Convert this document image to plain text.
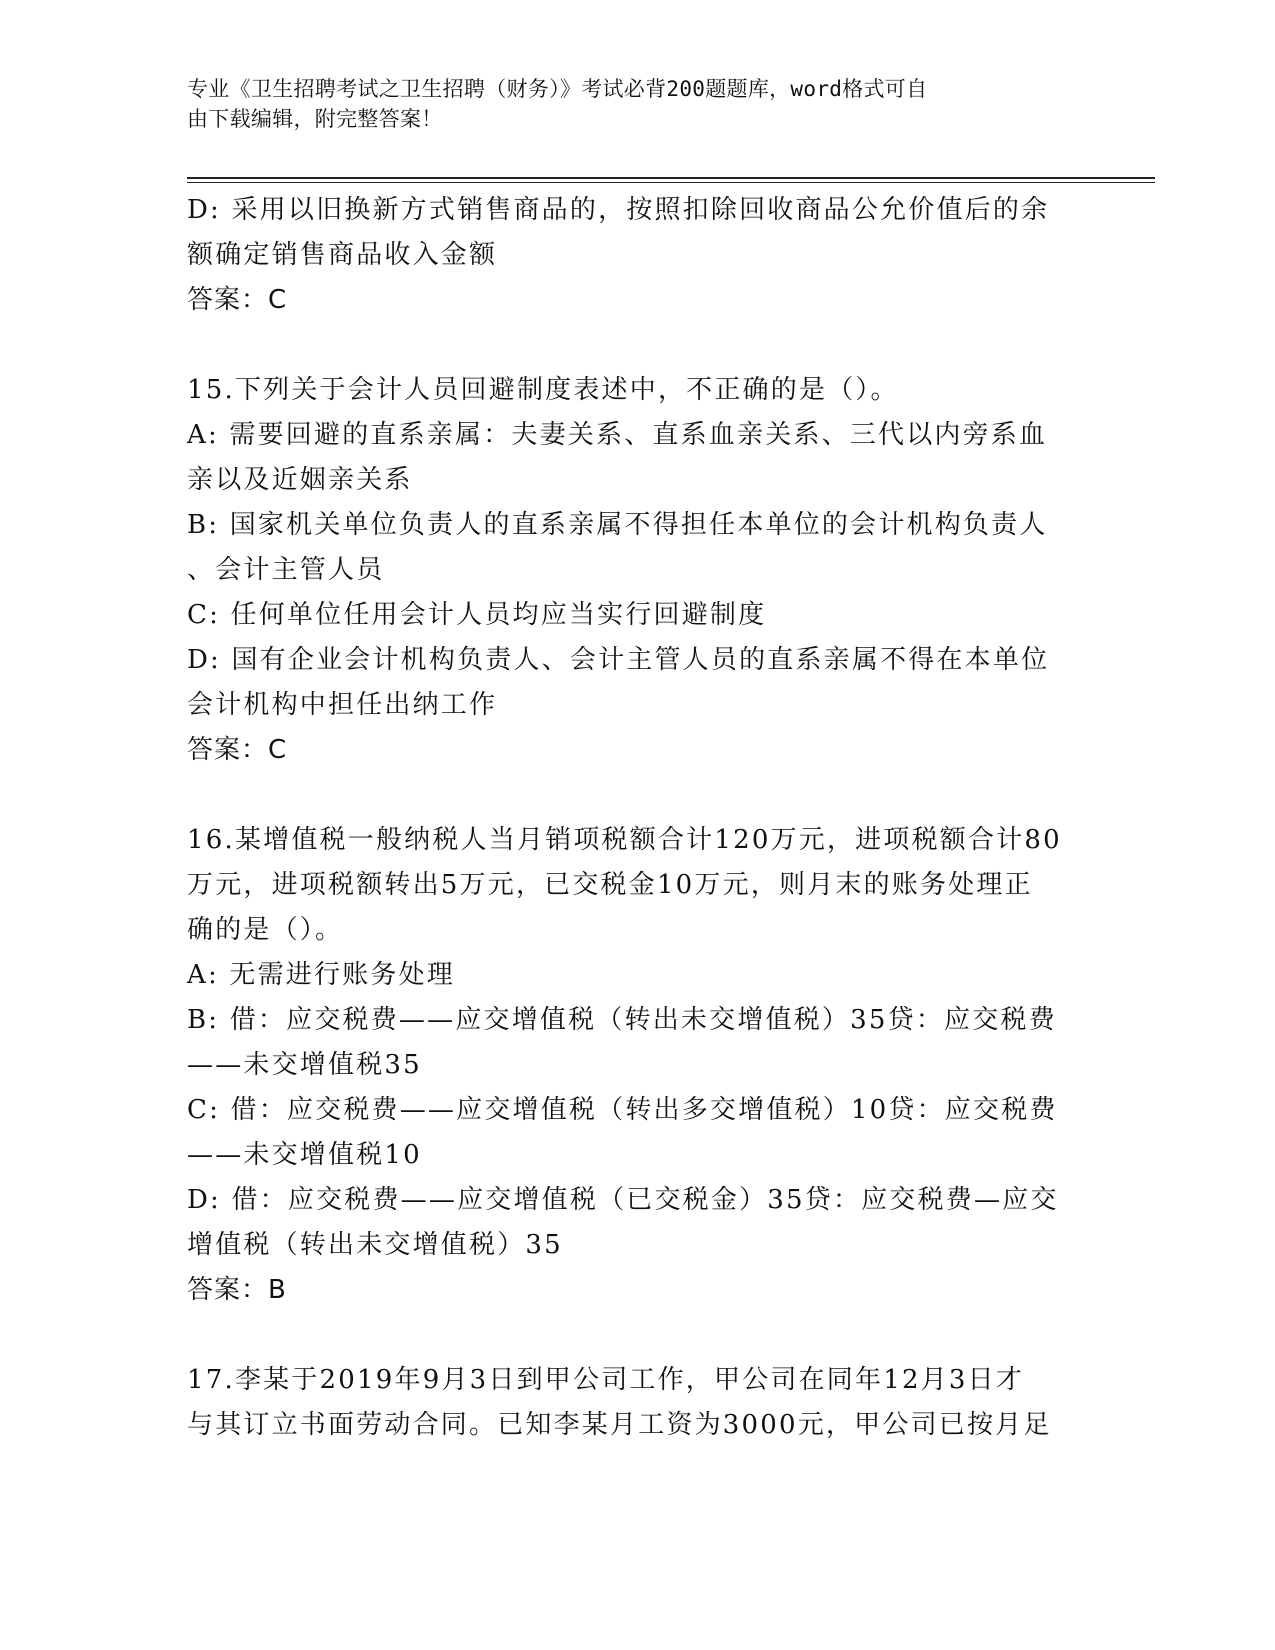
专业《卫生招聘考试之卫生招聘（财务）》考试必背200题题库，word格式可自
由下载编辑，附完整答案！
D: 采用以旧换新方式销售商品的，按照扣除回收商品公允价值后的余
额确定销售商品收入金额
答案：C
15.下列关于会计人员回避制度表述中，不正确的是（）。
A: 需要回避的直系亲属：夫妻关系、直系血亲关系、三代以内旁系血
亲以及近姻亲关系
B: 国家机关单位负责人的直系亲属不得担任本单位的会计机构负责人
、会计主管人员
C: 任何单位任用会计人员均应当实行回避制度
D: 国有企业会计机构负责人、会计主管人员的直系亲属不得在本单位
会计机构中担任出纳工作
答案：C
16.某增值税一般纳税人当月销项税额合计120万元，进项税额合计80
万元，进项税额转出5万元，已交税金10万元，则月末的账务处理正
确的是（）。
A: 无需进行账务处理
B: 借：应交税费——应交增值税（转出未交增值税）35贷：应交税费
——未交增值税35
C: 借：应交税费——应交增值税（转出多交增值税）10贷：应交税费
——未交增值税10
D: 借：应交税费——应交增值税（已交税金）35贷：应交税费—应交
增值税（转出未交增值税）35
答案：B
17.李某于2019年9月3日到甲公司工作，甲公司在同年12月3日才
与其订立书面劳动合同。已知李某月工资为3000元，甲公司已按月足
